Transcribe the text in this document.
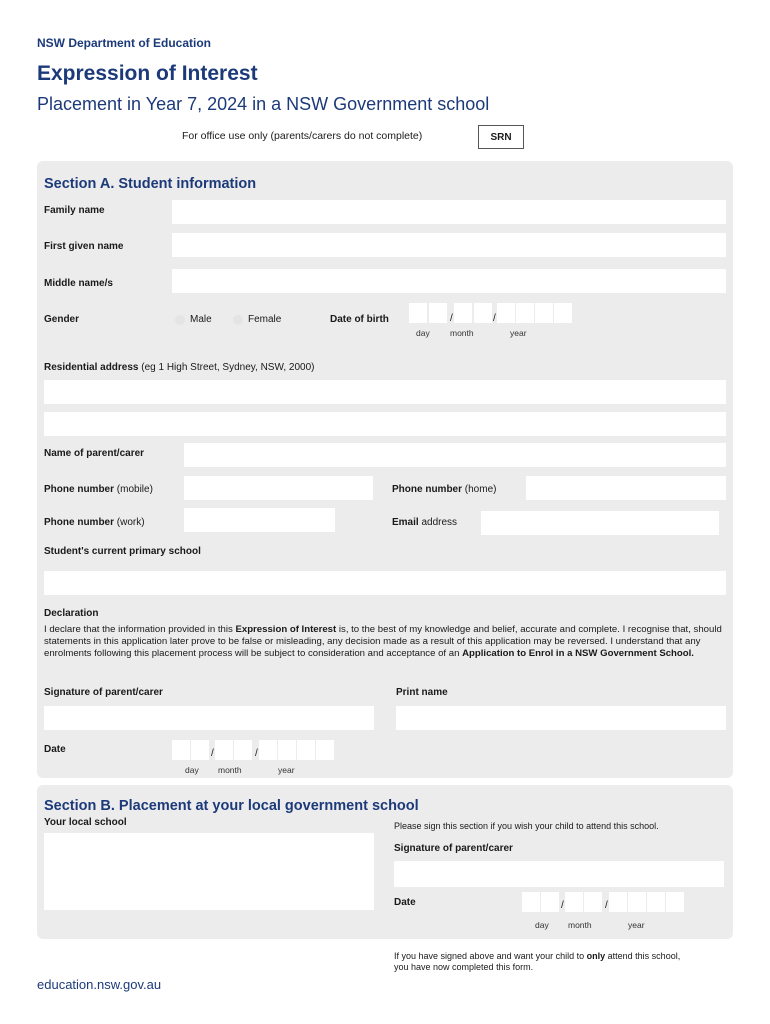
NSW Department of Education
Expression of Interest
Placement in Year 7, 2024 in a NSW Government school
For office use only (parents/carers do not complete)	SRN
Section A. Student information
Family name
First given name
Middle name/s
Gender	Male	Female	Date of birth	/	/
day month	year
Residential address (eg 1 High Street, Sydney, NSW, 2000)
Name of parent/carer
Phone number (mobile)	Phone number (home)
Phone number (work)	Email address
Student's current primary school
Declaration
I declare that the information provided in this Expression of Interest is, to the best of my knowledge and belief, accurate and complete. I recognise that, should statements in this application later prove to be false or misleading, any decision made as a result of this application may be reversed. I understand that any enrolments following this placement process will be subject to consideration and acceptance of an Application to Enrol in a NSW Government School.
Signature of parent/carer	Print name
Date	/	/
day month	year
Section B. Placement at your local government school
Your local school	Please sign this section if you wish your child to attend this school.
Signature of parent/carer
Date	/	/
day month	year
If you have signed above and want your child to only attend this school, you have now completed this form.
education.nsw.gov.au
